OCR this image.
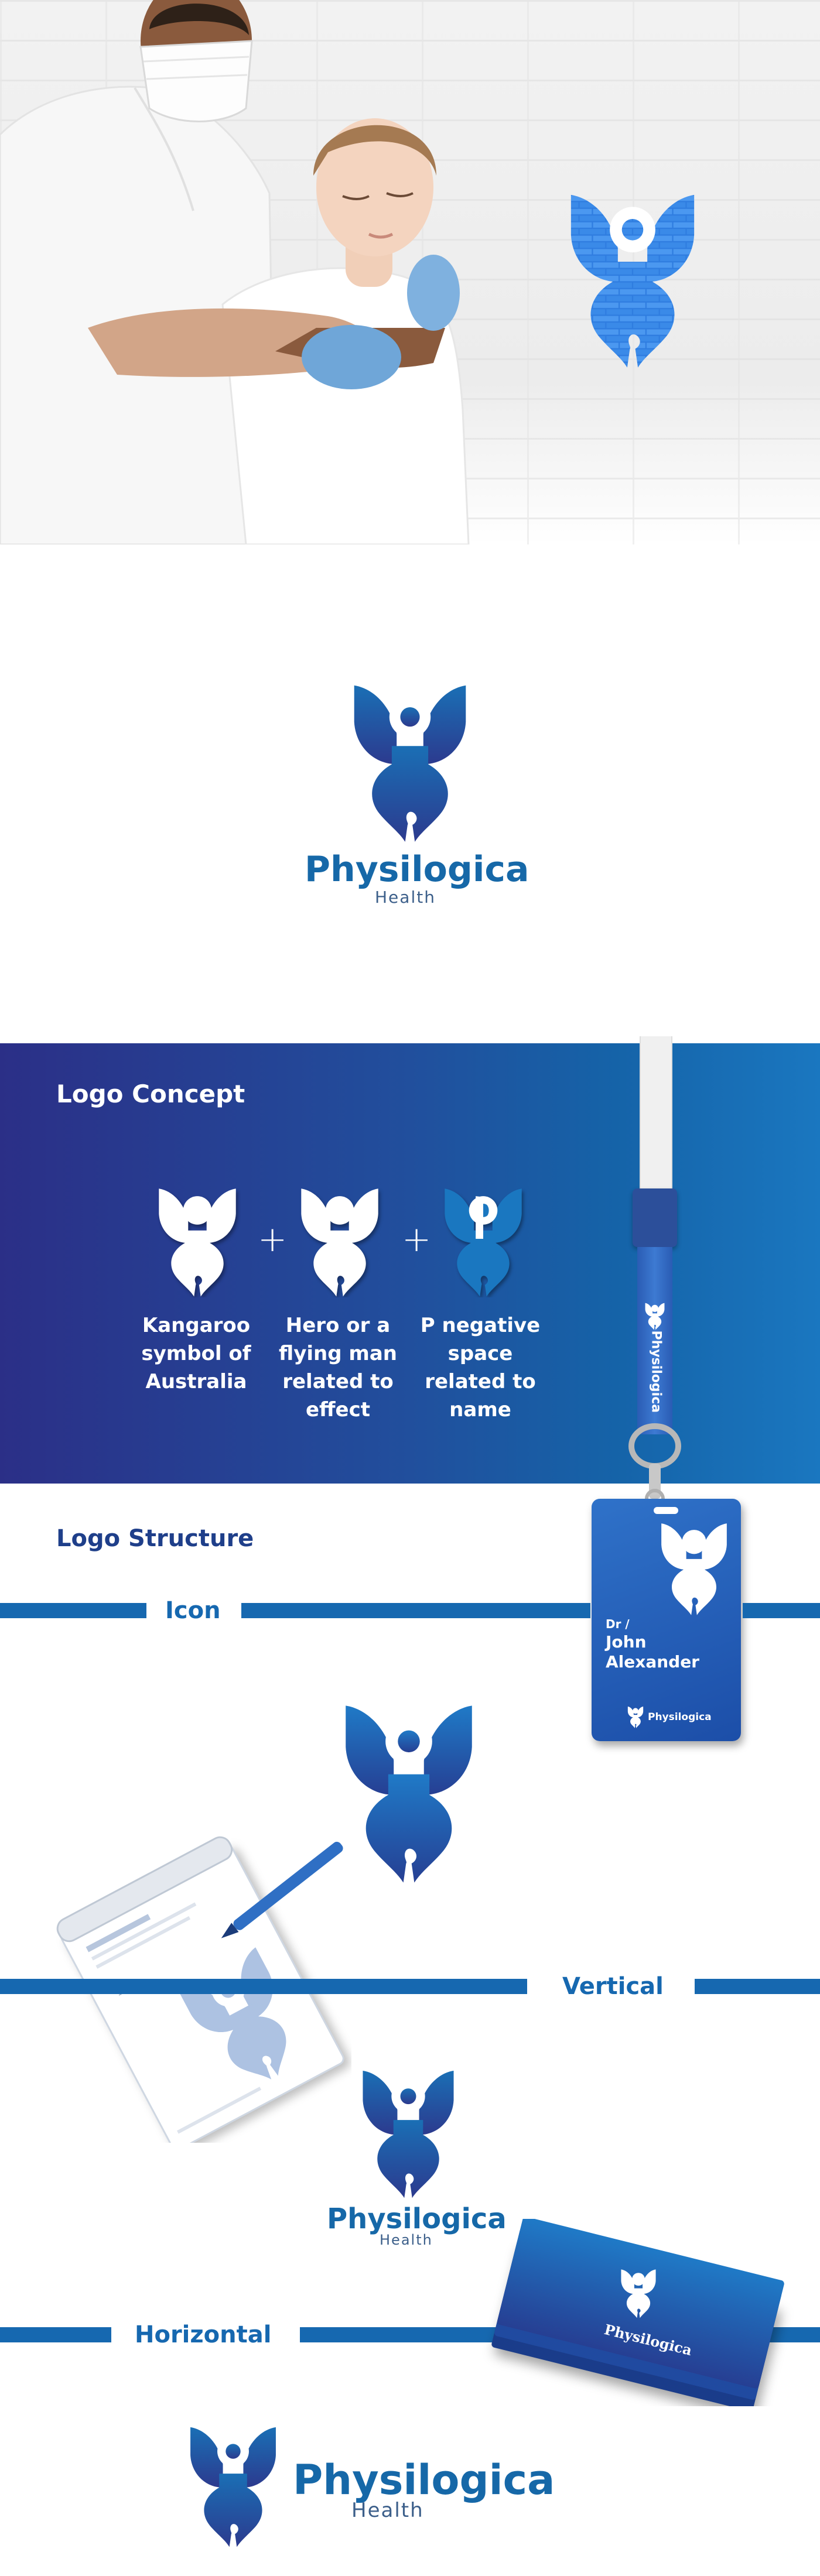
Physilogica
Health
Logo Concept
+	+
Kangaroo
symbol of
Australia
Hero or a
flying man
related to
effect
P negative
space
related to
name	Physilogica
Dr /
John
Alexander
Physilogica
Logo Structure
Icon
Vertical
Physilogica
Health
Horizontal	Physilogica
Physilogica
Health
